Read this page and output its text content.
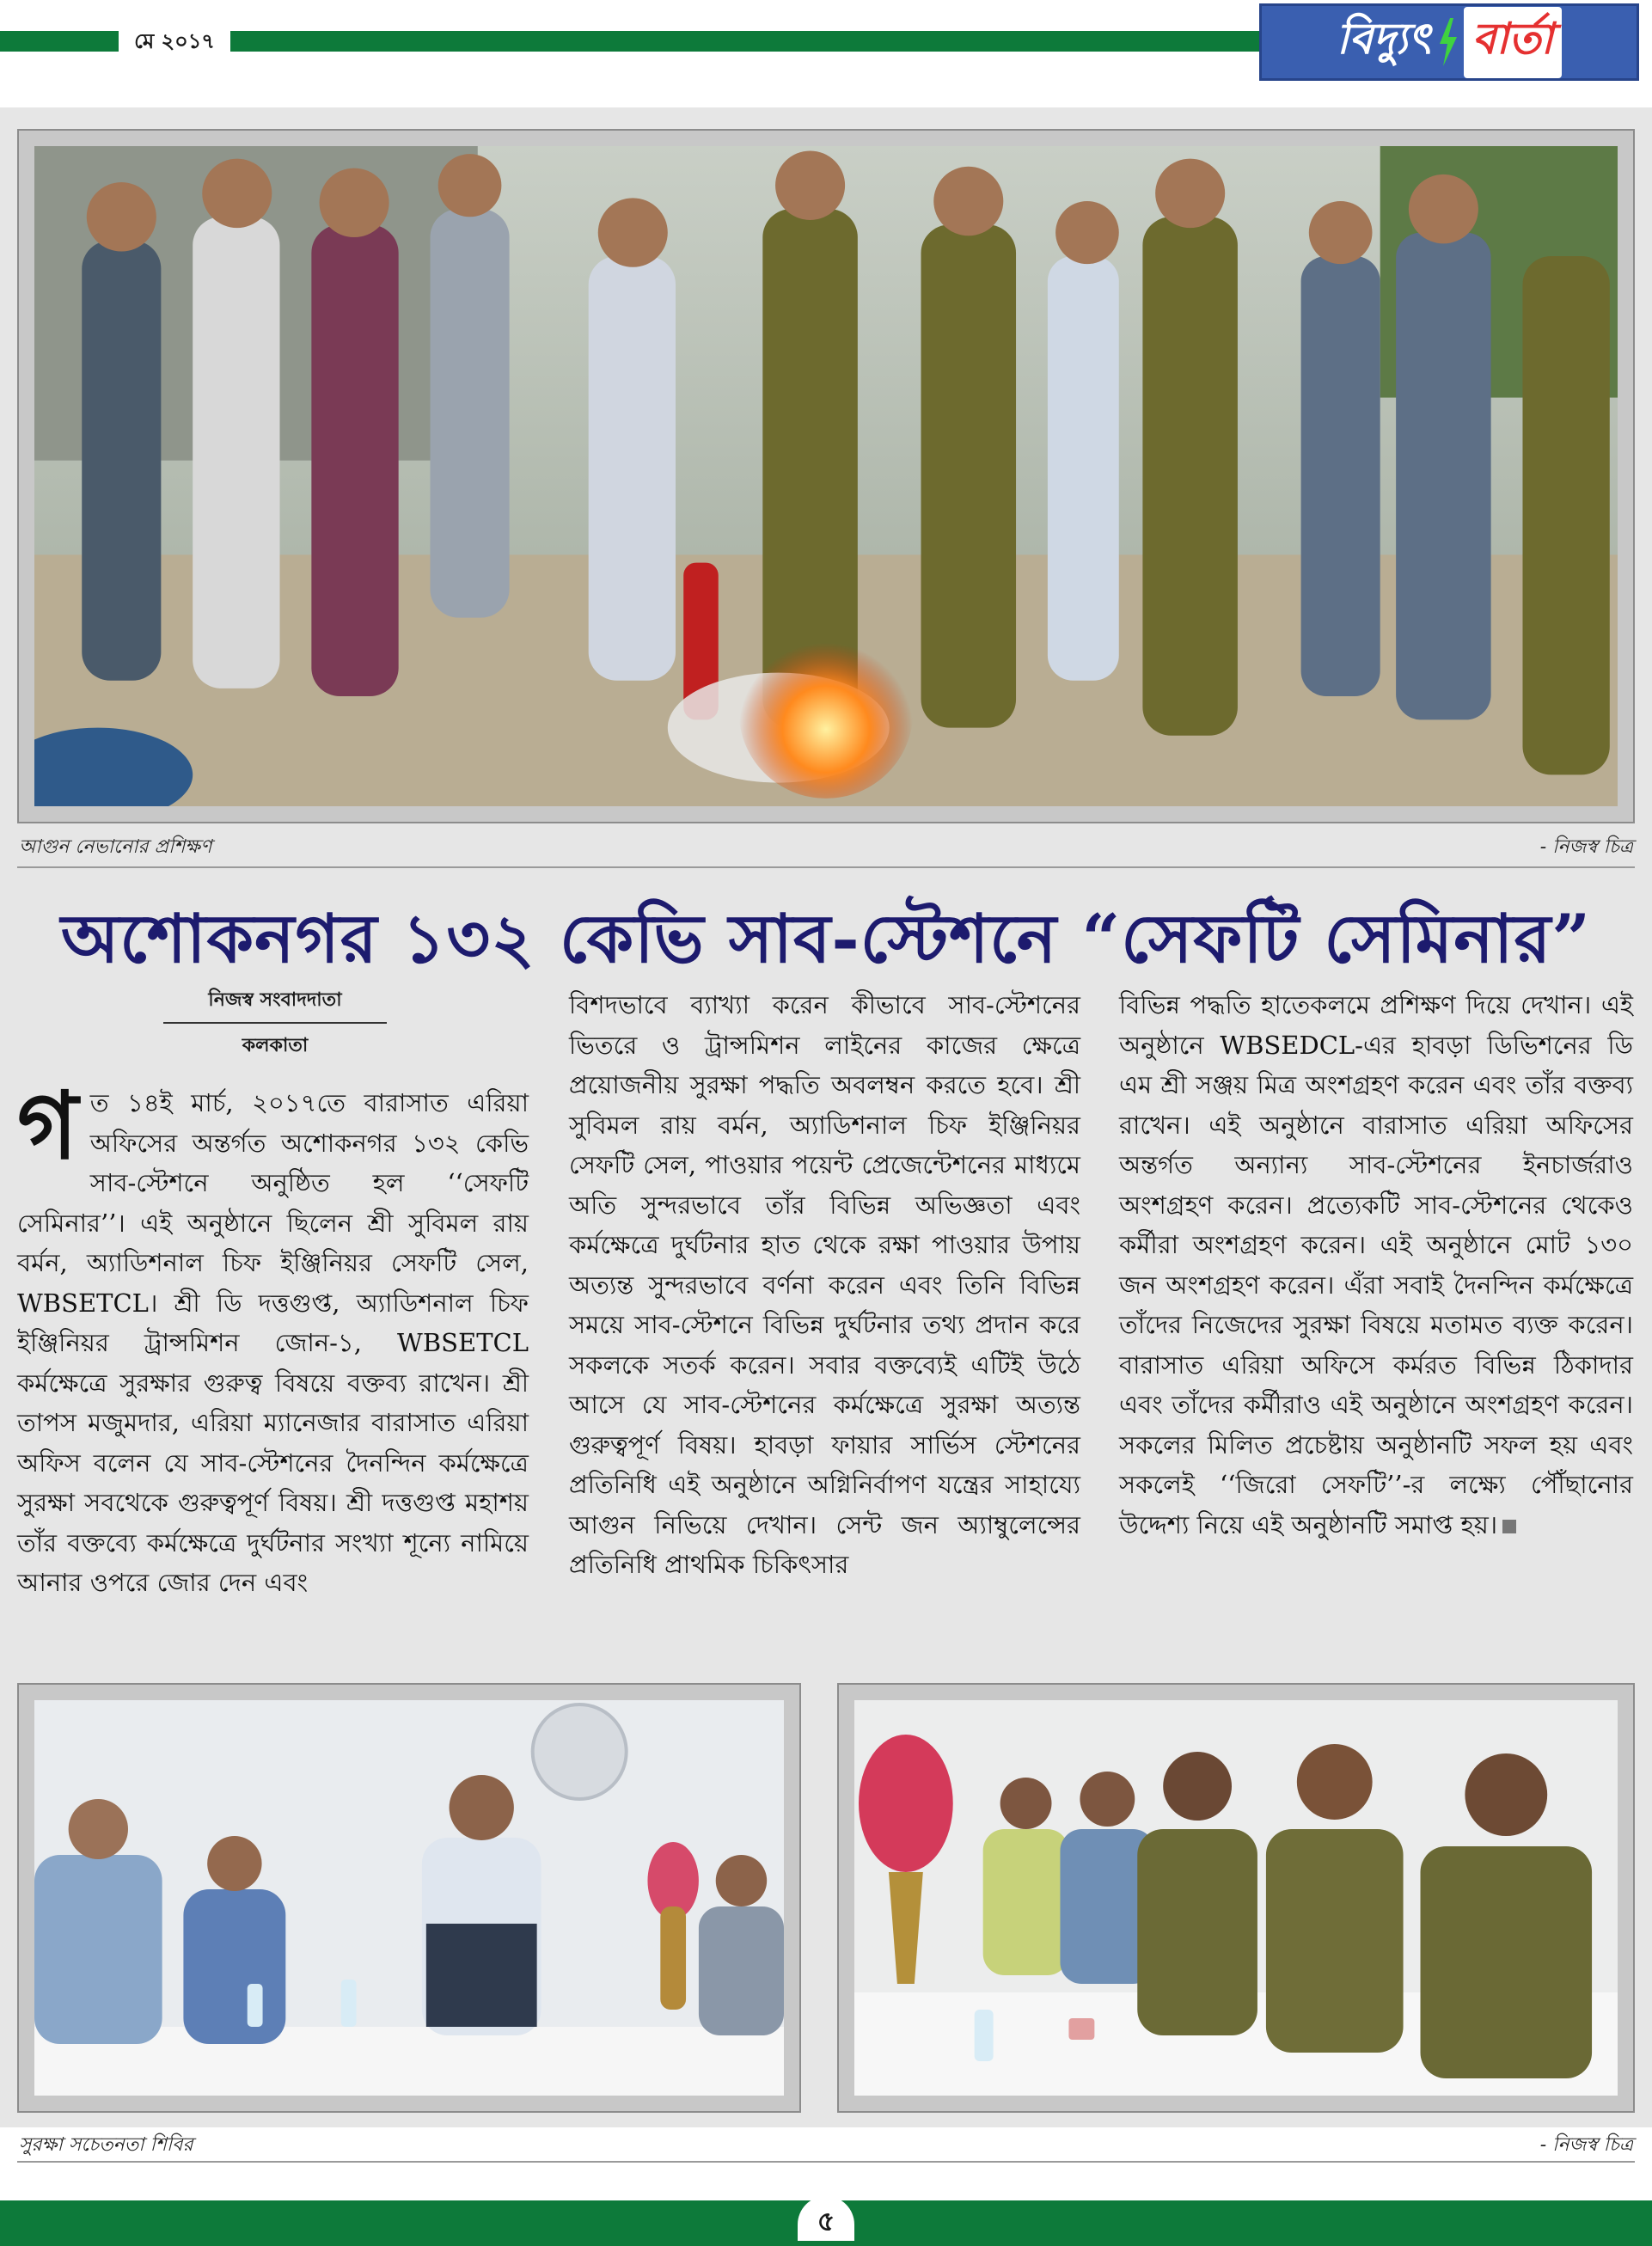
মে ২০১৭	বিদ্যুৎ বার্তা
আগুন নেভানোর প্রশিক্ষণ	- নিজস্ব চিত্র
অশোকনগর ১৩২ কেভি সাব-স্টেশনে “সেফটি সেমিনার”
নিজস্ব সংবাদদাতা
কলকাতা
গ ত ১৪ই মার্চ, ২০১৭তে বারাসাত এরিয়া অফিসের অন্তর্গত অশোকনগর ১৩২ কেভি সাব-স্টেশনে অনুষ্ঠিত হল ‘‘সেফটি সেমিনার’’। এই অনুষ্ঠানে ছিলেন শ্রী সুবিমল রায় বর্মন, অ্যাডিশনাল চিফ ইঞ্জিনিয়র সেফটি সেল, WBSETCL। শ্রী ডি দত্তগুপ্ত, অ্যাডিশনাল চিফ ইঞ্জিনিয়র ট্রান্সমিশন জোন-১, WBSETCL কর্মক্ষেত্রে সুরক্ষার গুরুত্ব বিষয়ে বক্তব্য রাখেন। শ্রী তাপস মজুমদার, এরিয়া ম্যানেজার বারাসাত এরিয়া অফিস বলেন যে সাব-স্টেশনের দৈনন্দিন কর্মক্ষেত্রে সুরক্ষা সবথেকে গুরুত্বপূর্ণ বিষয়। শ্রী দত্তগুপ্ত মহাশয় তাঁর বক্তব্যে কর্মক্ষেত্রে দুর্ঘটনার সংখ্যা শূন্যে নামিয়ে আনার ওপরে জোর দেন এবং
বিশদভাবে ব্যাখ্যা করেন কীভাবে সাব-স্টেশনের ভিতরে ও ট্রান্সমিশন লাইনের কাজের ক্ষেত্রে প্রয়োজনীয় সুরক্ষা পদ্ধতি অবলম্বন করতে হবে। শ্রী সুবিমল রায় বর্মন, অ্যাডিশনাল চিফ ইঞ্জিনিয়র সেফটি সেল, পাওয়ার পয়েন্ট প্রেজেন্টেশনের মাধ্যমে অতি সুন্দরভাবে তাঁর বিভিন্ন অভিজ্ঞতা এবং কর্মক্ষেত্রে দুর্ঘটনার হাত থেকে রক্ষা পাওয়ার উপায় অত্যন্ত সুন্দরভাবে বর্ণনা করেন এবং তিনি বিভিন্ন সময়ে সাব-স্টেশনে বিভিন্ন দুর্ঘটনার তথ্য প্রদান করে সকলকে সতর্ক করেন। সবার বক্তব্যেই এটিই উঠে আসে যে সাব-স্টেশনের কর্মক্ষেত্রে সুরক্ষা অত্যন্ত গুরুত্বপূর্ণ বিষয়। হাবড়া ফায়ার সার্ভিস স্টেশনের প্রতিনিধি এই অনুষ্ঠানে অগ্নিনির্বাপণ যন্ত্রের সাহায্যে আগুন নিভিয়ে দেখান। সেন্ট জন অ্যাম্বুলেন্সের প্রতিনিধি প্রাথমিক চিকিৎসার
বিভিন্ন পদ্ধতি হাতেকলমে প্রশিক্ষণ দিয়ে দেখান। এই অনুষ্ঠানে WBSEDCL-এর হাবড়া ডিভিশনের ডি এম শ্রী সঞ্জয় মিত্র অংশগ্রহণ করেন এবং তাঁর বক্তব্য রাখেন। এই অনুষ্ঠানে বারাসাত এরিয়া অফিসের অন্তর্গত অন্যান্য সাব-স্টেশনের ইনচার্জরাও অংশগ্রহণ করেন। প্রত্যেকটি সাব-স্টেশনের থেকেও কর্মীরা অংশগ্রহণ করেন। এই অনুষ্ঠানে মোট ১৩০ জন অংশগ্রহণ করেন। এঁরা সবাই দৈনন্দিন কর্মক্ষেত্রে তাঁদের নিজেদের সুরক্ষা বিষয়ে মতামত ব্যক্ত করেন। বারাসাত এরিয়া অফিসে কর্মরত বিভিন্ন ঠিকাদার এবং তাঁদের কর্মীরাও এই অনুষ্ঠানে অংশগ্রহণ করেন। সকলের মিলিত প্রচেষ্টায় অনুষ্ঠানটি সফল হয় এবং সকলেই ‘‘জিরো সেফটি’’-র লক্ষ্যে পৌঁছানোর উদ্দেশ্য নিয়ে এই অনুষ্ঠানটি সমাপ্ত হয়।
সুরক্ষা সচেতনতা শিবির	- নিজস্ব চিত্র
৫
